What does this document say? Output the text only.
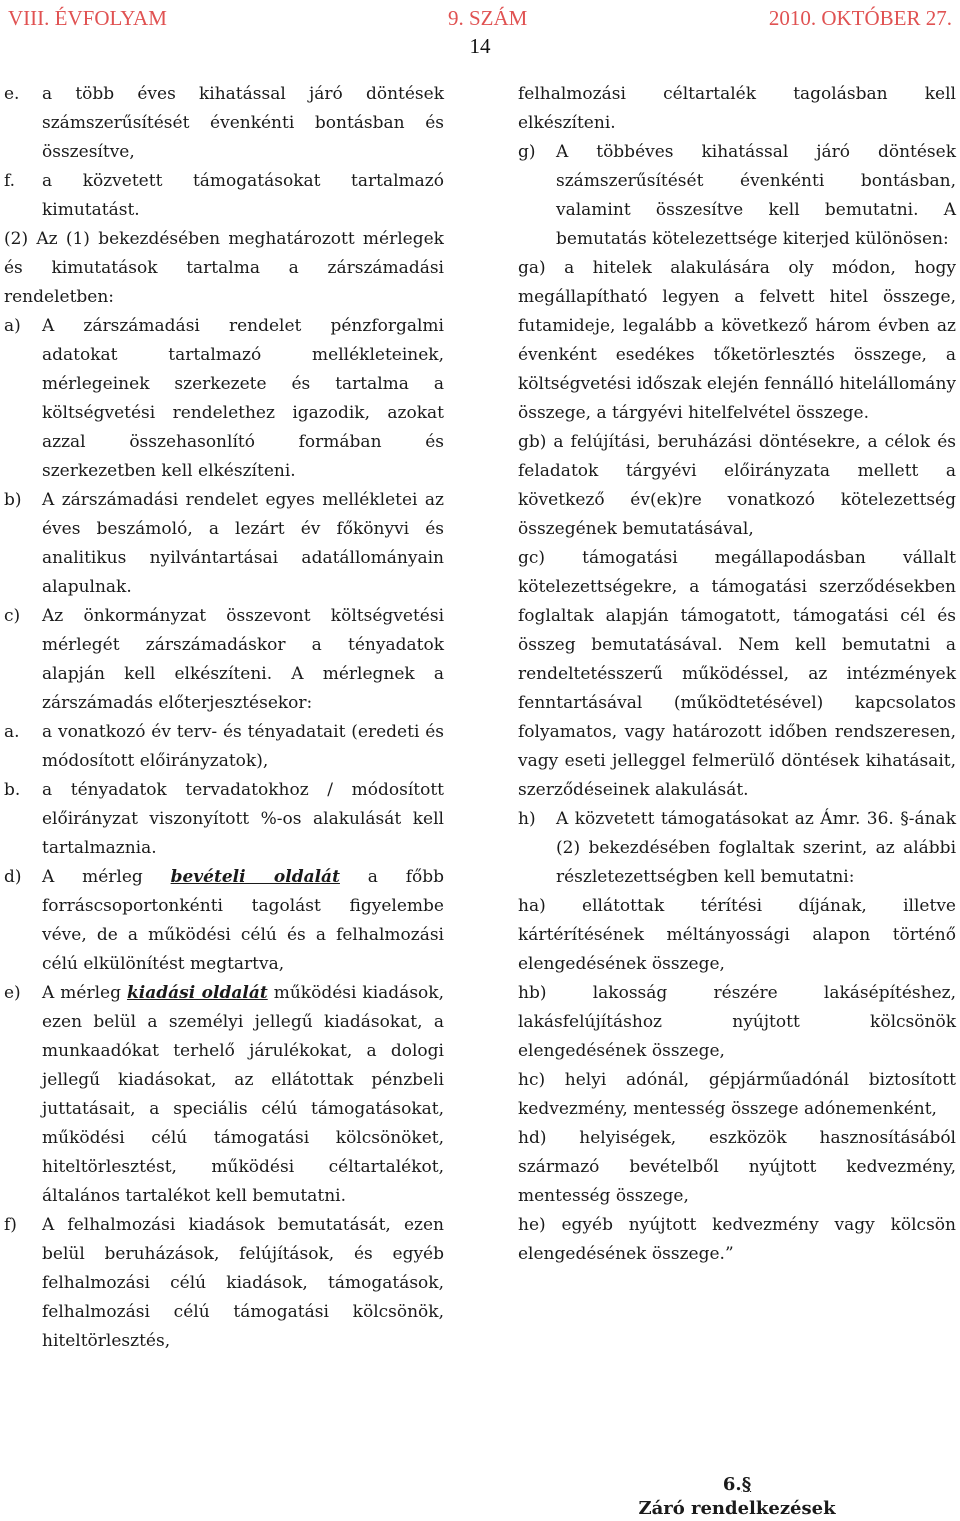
VIII. ÉVFOLYAM	9. SZÁM	2010. OKTÓBER 27.
14
e.	a több éves kihatással járó döntések számszerűsítését évenkénti bontásban és összesítve,
f.	a közvetett támogatásokat tartalmazó kimutatást.

(2) Az (1) bekezdésében meghatározott mérlegek és kimutatások tartalma a zárszámadási rendeletben:

a)	A zárszámadási rendelet pénzforgalmi adatokat tartalmazó mellékleteinek, mérlegeinek szerkezete és tartalma a költségvetési rendelethez igazodik, azokat azzal összehasonlító formában és szerkezetben kell elkészíteni.
b)	A zárszámadási rendelet egyes mellékletei az éves beszámoló, a lezárt év főkönyvi és analitikus nyilvántartásai adatállományain alapulnak.
c)	Az önkormányzat összevont költségvetési mérlegét zárszámadáskor a tényadatok alapján kell elkészíteni. A mérlegnek a zárszámadás előterjesztésekor:
a.	a vonatkozó év terv- és tényadatait (eredeti és módosított előirányzatok),
b.	a tényadatok tervadatokhoz / módosított előirányzat viszonyított %-os alakulását kell tartalmaznia.
d)	A mérleg bevételi oldalát a főbb forráscsoportonkénti tagolást figyelembe véve, de a működési célú és a felhalmozási célú elkülönítést megtartva,
e)	A mérleg kiadási oldalát működési kiadások, ezen belül a személyi jellegű kiadásokat, a munkaadókat terhelő járulékokat, a dologi jellegű kiadásokat, az ellátottak pénzbeli juttatásait, a speciális célú támogatásokat, működési célú támogatási kölcsönöket, hiteltörlesztést, működési céltartalékot, általános tartalékot kell bemutatni.
f)	A felhalmozási kiadások bemutatását, ezen belül beruházások, felújítások, és egyéb felhalmozási célú kiadások, támogatások, felhalmozási célú támogatási kölcsönök, hiteltörlesztés,

felhalmozási céltartalék tagolásban kell elkészíteni.

g)	A többéves kihatással járó döntések számszerűsítését évenkénti bontásban, valamint összesítve kell bemutatni. A bemutatás kötelezettsége kiterjed különösen:

ga) a hitelek alakulására oly módon, hogy megállapítható legyen a felvett hitel összege, futamideje, legalább a következő három évben az évenként esedékes tőketörlesztés összege, a költségvetési időszak elején fennálló hitelállomány összege, a tárgyévi hitelfelvétel összege.

gb) a felújítási, beruházási döntésekre, a célok és feladatok tárgyévi előirányzata mellett a következő év(ek)re vonatkozó kötelezettség összegének bemutatásával,

gc) támogatási megállapodásban vállalt kötelezettségekre, a támogatási szerződésekben foglaltak alapján támogatott, támogatási cél és összeg bemutatásával. Nem kell bemutatni a rendeltetésszerű működéssel, az intézmények fenntartásával (működtetésével) kapcsolatos folyamatos, vagy határozott időben rendszeresen, vagy eseti jelleggel felmerülő döntések kihatásait, szerződéseinek alakulását.

h)	A közvetett támogatásokat az Ámr. 36. §-ának (2) bekezdésében foglaltak szerint, az alábbi részletezettségben kell bemutatni:

ha) ellátottak térítési díjának, illetve kártérítésének méltányossági alapon történő elengedésének összege,

hb) lakosság részére lakásépítéshez, lakásfelújításhoz nyújtott kölcsönök elengedésének összege,

hc) helyi adónál, gépjárműadónál biztosított kedvezmény, mentesség összege adónemenként,

hd) helyiségek, eszközök hasznosításából származó bevételből nyújtott kedvezmény, mentesség összege,

he) egyéb nyújtott kedvezmény vagy kölcsön elengedésének összege.”

6.§
Záró rendelkezések
